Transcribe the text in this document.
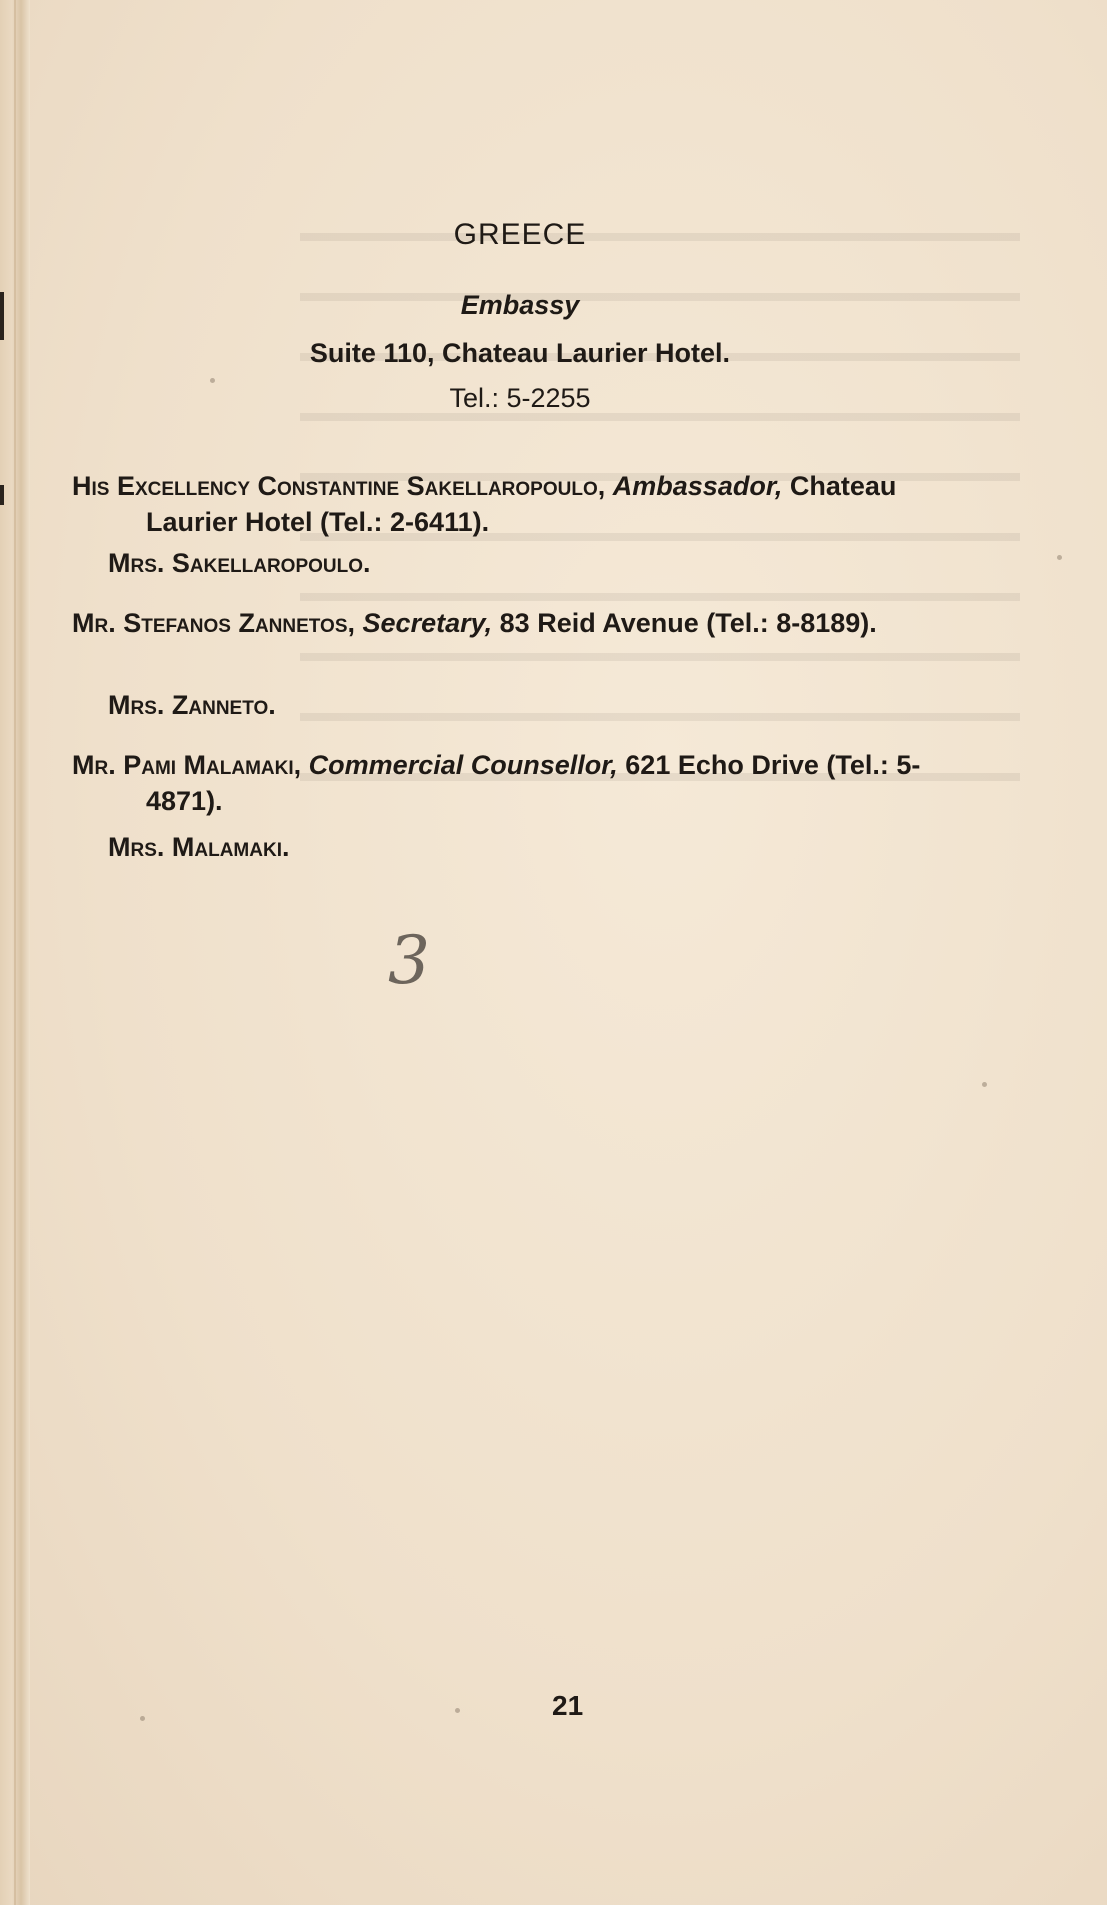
GREECE
Embassy
Suite 110, Chateau Laurier Hotel.
Tel.: 5-2255
His Excellency Constantine Sakellaropoulo, Ambassador, Chateau Laurier Hotel (Tel.: 2-6411).
Mrs. Sakellaropoulo.
Mr. Stefanos Zannetos, Secretary, 83 Reid Avenue (Tel.: 8-8189).
Mrs. Zanneto.
Mr. Pami Malamaki, Commercial Counsellor, 621 Echo Drive (Tel.: 5-4871).
Mrs. Malamaki.
3
21
